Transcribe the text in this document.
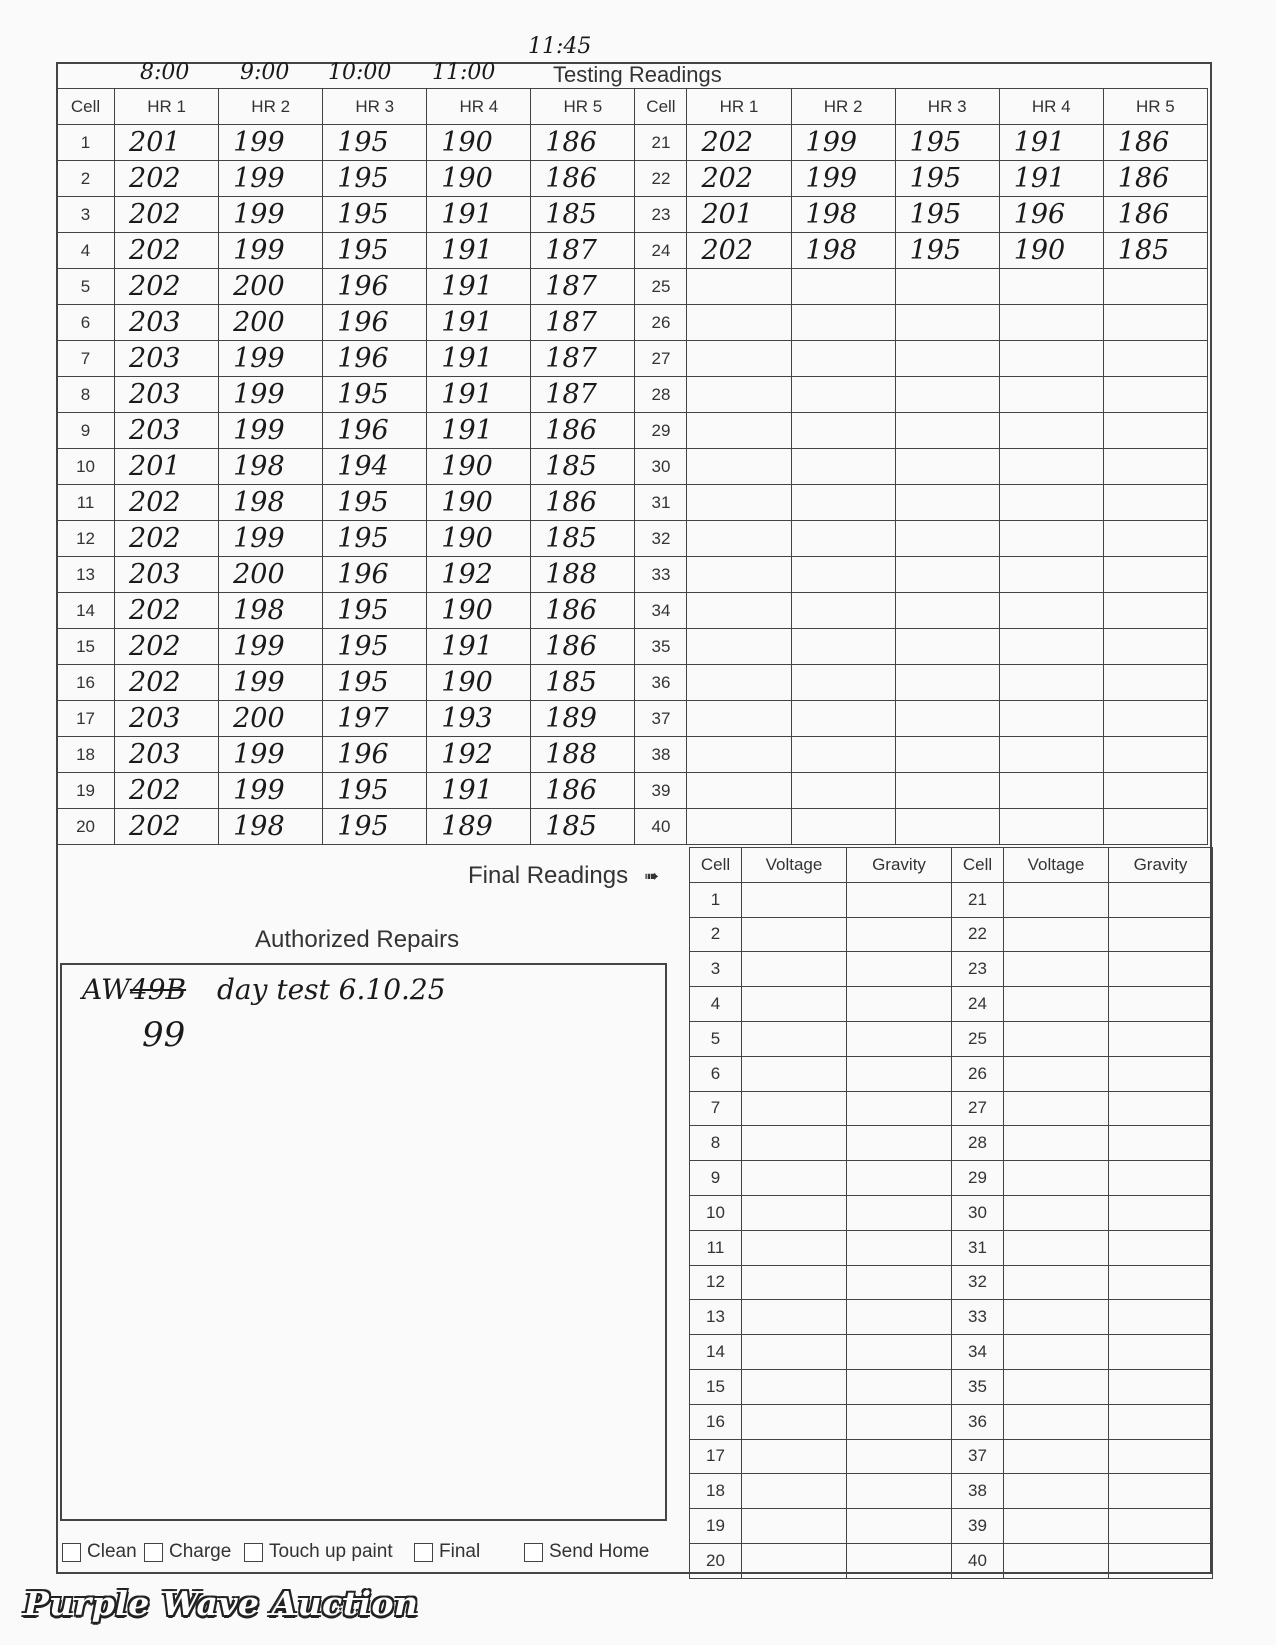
11:45
8:00 9:00 10:00 11:00	Testing Readings
Cell	HR 1	HR 2	HR 3	HR 4	HR 5	Cell	HR 1	HR 2	HR 3	HR 4	HR 5
1	201	199	195	190	186	21	202	199	195	191	186
2	202	199	195	190	186	22	202	199	195	191	186
3	202	199	195	191	185	23	201	198	195	196	186
4	202	199	195	191	187	24	202	198	195	190	185
5	202	200	196	191	187	25					
6	203	200	196	191	187	26					
7	203	199	196	191	187	27					
8	203	199	195	191	187	28					
9	203	199	196	191	186	29					
10	201	198	194	190	185	30					
11	202	198	195	190	186	31					
12	202	199	195	190	185	32					
13	203	200	196	192	188	33					
14	202	198	195	190	186	34					
15	202	199	195	191	186	35					
16	202	199	195	190	185	36					
17	203	200	197	193	189	37					
18	203	199	196	192	188	38					
19	202	199	195	191	186	39					
20	202	198	195	189	185	40					
Final Readings ➠
Cell	Voltage	Gravity	Cell	Voltage	Gravity
1			21		
2			22		
3			23		
4			24		
5			25		
6			26		
7			27		
8			28		
9			29		
10			30		
11			31		
12			32		
13			33		
14			34		
15			35		
16			36		
17			37		
18			38		
19			39		
20			40		
Authorized Repairs
AW49B day test 6.10.25
99
Clean Charge Touch up paint Final	Send Home
Purple Wave Auction
